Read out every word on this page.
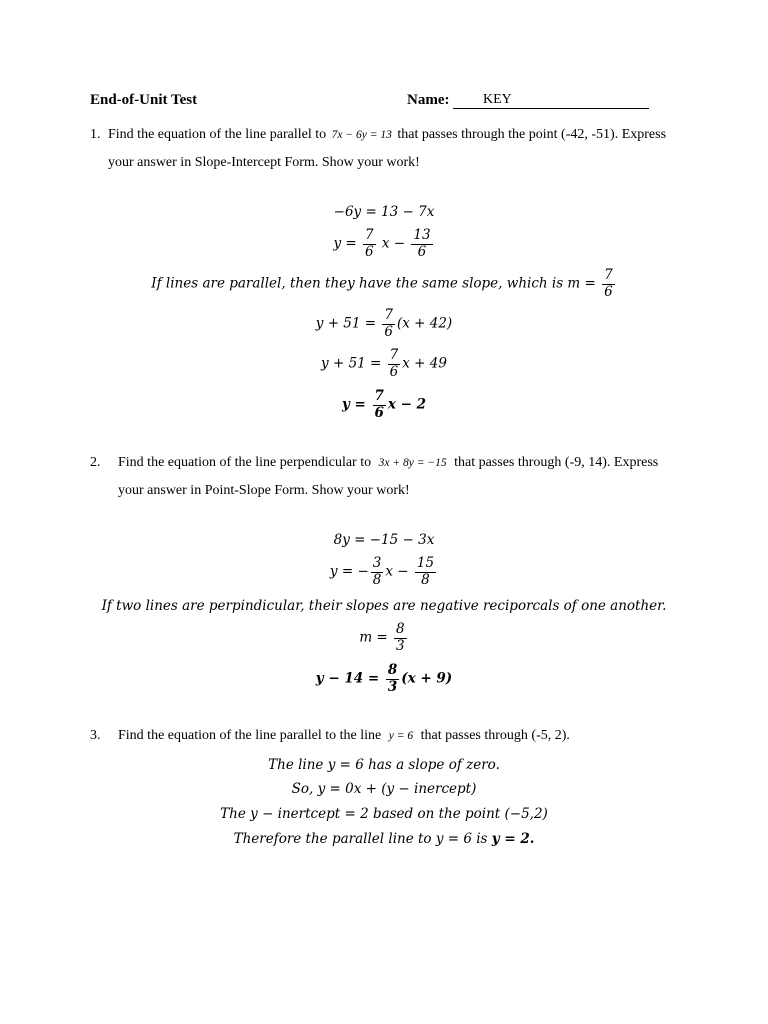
End-of-Unit Test	Name: KEY
1. Find the equation of the line parallel to 7x − 6y = 13 that passes through the point (-42, -51). Express
your answer in Slope-Intercept Form. Show your work!
−6y = 13 − 7x
$y = \frac{7}{6}$ $x - \frac{13}{6}$
If lines are parallel, then they have the same slope, which is $m = \frac{7}{6}$
$y + 51 = \frac{7}{6} (x + 42)$
$y + 51 = \frac{7}{6}$ x + 49
$y = \frac{7}{6}$ x − 2
2. Find the equation of the line perpendicular to 3x + 8y = −15 that passes through (-9, 14). Express
your answer in Point-Slope Form. Show your work!
8y = −15 − 3x
y = − $\frac{3}{8}$ $x - \frac{15}{8}$
If two lines are perpindicular, their slopes are negative reciporcals of one another.
$m = \frac{8}{3}$
$y - 14 = \frac{8}{3} (x + 9)$
3. Find the equation of the line parallel to the line y = 6 that passes through (-5, 2).
The line y = 6 has a slope of zero.
So, y = 0x + (y − inercept)
The y − inertcept = 2 based on the point (−5,2)
Therefore the parallel line to y = 6 is y = 2.
